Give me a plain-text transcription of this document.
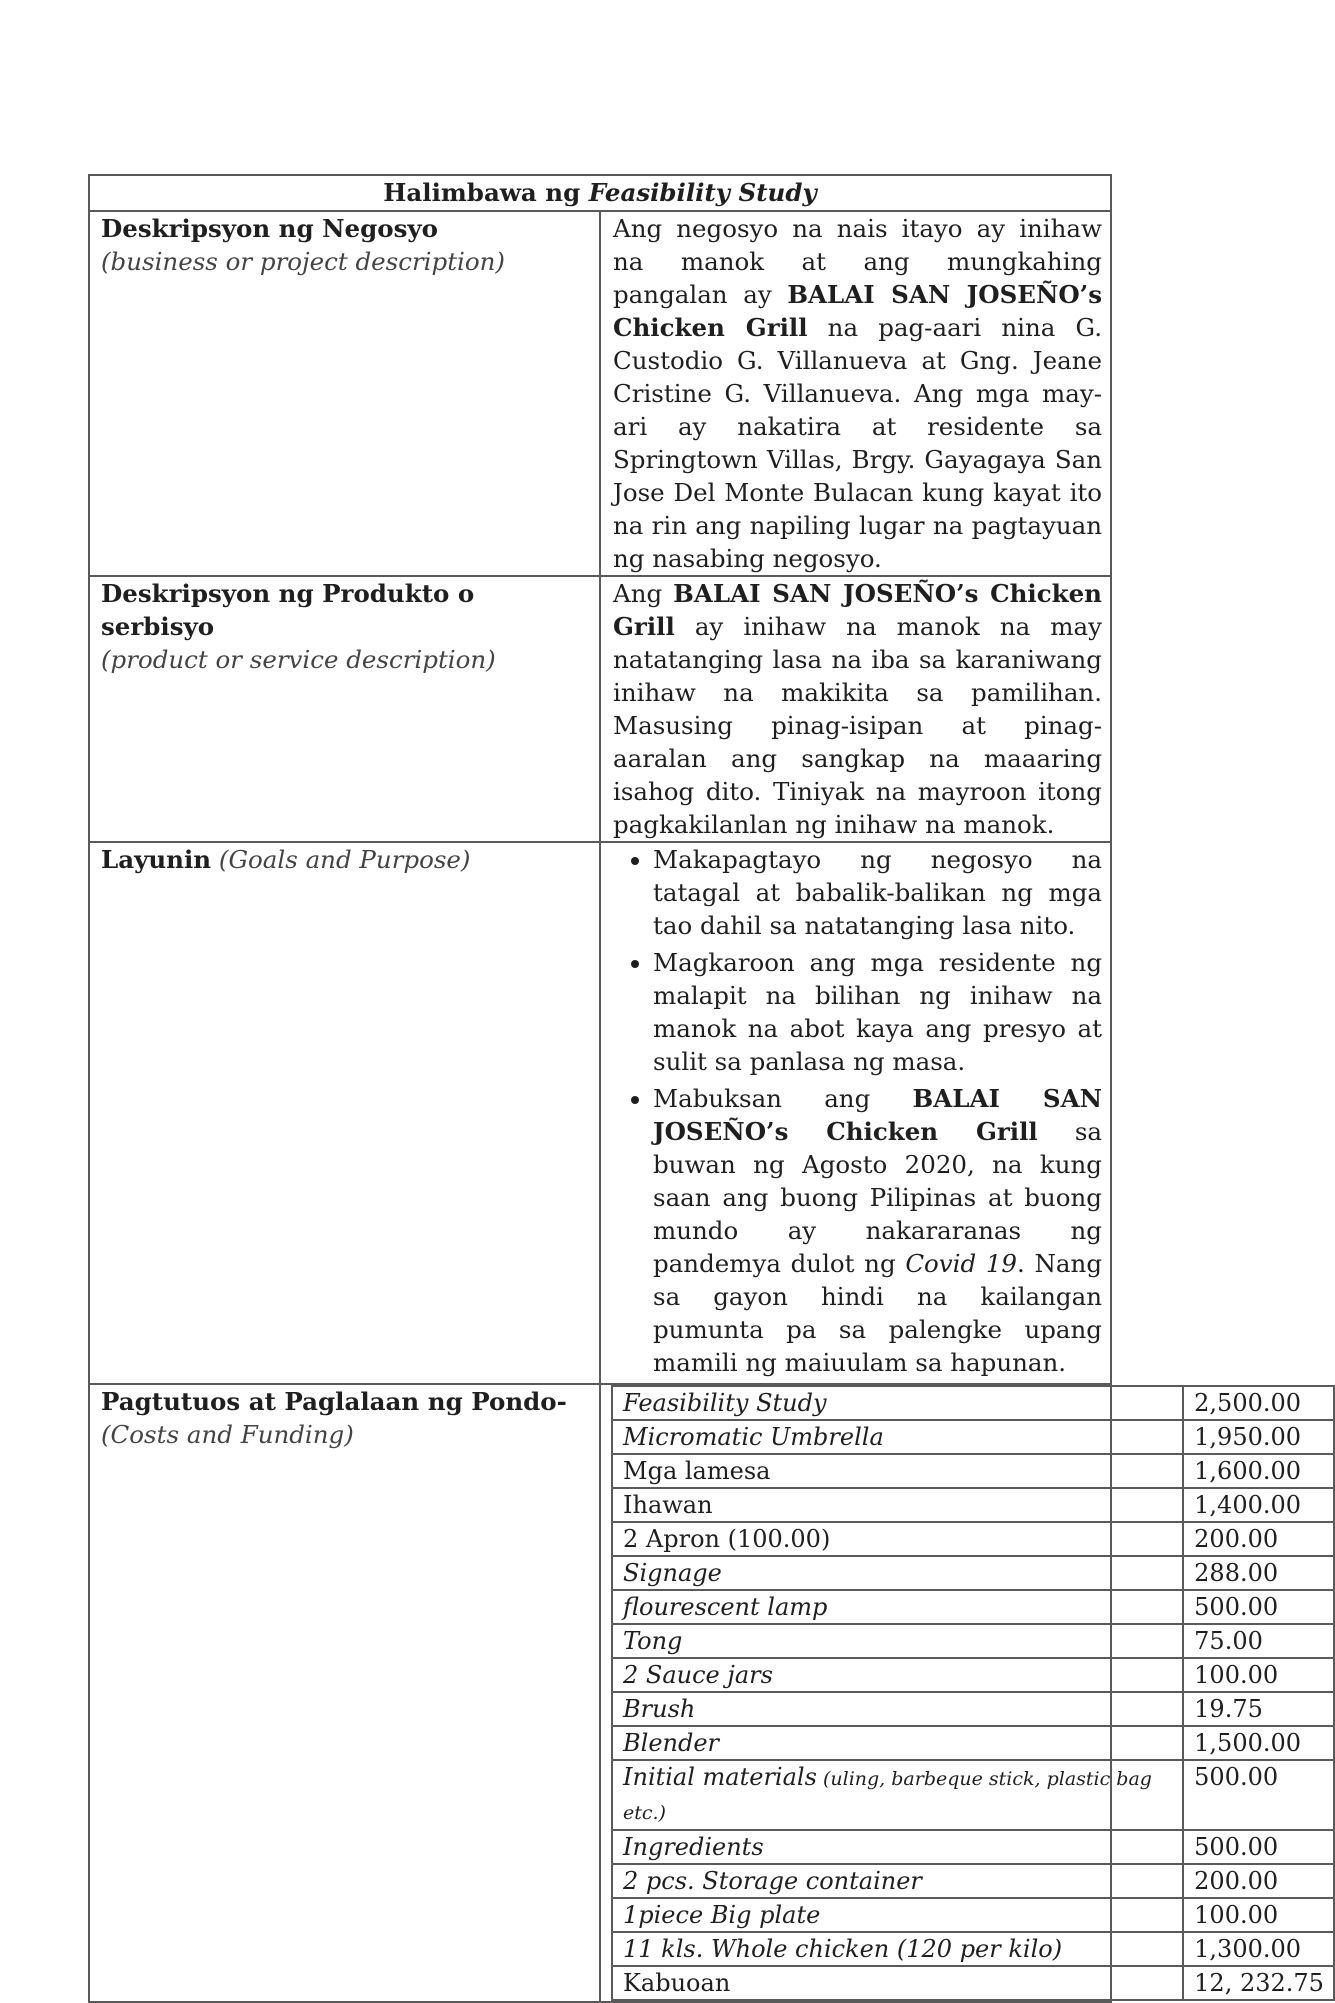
Halimbawa ng Feasibility Study

Deskripsyon ng Negosyo
(business or project description)

Ang negosyo na nais itayo ay inihaw na manok at ang mungkahing pangalan ay BALAI SAN JOSEÑO’s Chicken Grill na pag-aari nina G. Custodio G. Villanueva at Gng. Jeane Cristine G. Villanueva. Ang mga may-ari ay nakatira at residente sa Springtown Villas, Brgy. Gayagaya San Jose Del Monte Bulacan kung kayat ito na rin ang napiling lugar na pagtayuan ng nasabing negosyo.

Deskripsyon ng Produkto o serbisyo
(product or service description)

Ang BALAI SAN JOSEÑO’s Chicken Grill ay inihaw na manok na may natatanging lasa na iba sa karaniwang inihaw na makikita sa pamilihan. Masusing pinag-isipan at pinag-aaralan ang sangkap na maaaring isahog dito. Tiniyak na mayroon itong pagkakilanlan ng inihaw na manok.

Layunin (Goals and Purpose)	
•Makapagtayo ng negosyo na tatagal at babalik-balikan ng mga tao dahil sa natatanging lasa nito.
• Magkaroon ang mga residente ng malapit na bilihan ng inihaw na manok na abot kaya ang presyo at sulit sa panlasa ng masa.
• Mabuksan ang BALAI SAN JOSEÑO’s Chicken Grill sa buwan ng Agosto 2020, na kung saan ang buong Pilipinas at buong mundo ay nakararanas ng pandemya dulot ng Covid 19. Nang sa gayon hindi na kailangan pumunta pa sa palengke upang mamili ng maiuulam sa hapunan.

Pagtutuos at Paglalaan ng Pondo- (Costs and Funding)	
Feasibility Study	2,500.00
Micromatic Umbrella	1,950.00
Mga lamesa	1,600.00
Ihawan	1,400.00
2 Apron (100.00)	200.00
Signage	288.00
flourescent lamp	500.00
Tong	75.00
2 Sauce jars	100.00
Brush	19.75
Blender	1,500.00
Initial materials (uling, barbeque stick, plastic bag etc.)	500.00
Ingredients	500.00
2 pcs. Storage container	200.00
1piece Big plate	100.00
11 kls. Whole chicken (120 per kilo)	1,300.00
Kabuoan	12, 232.75
